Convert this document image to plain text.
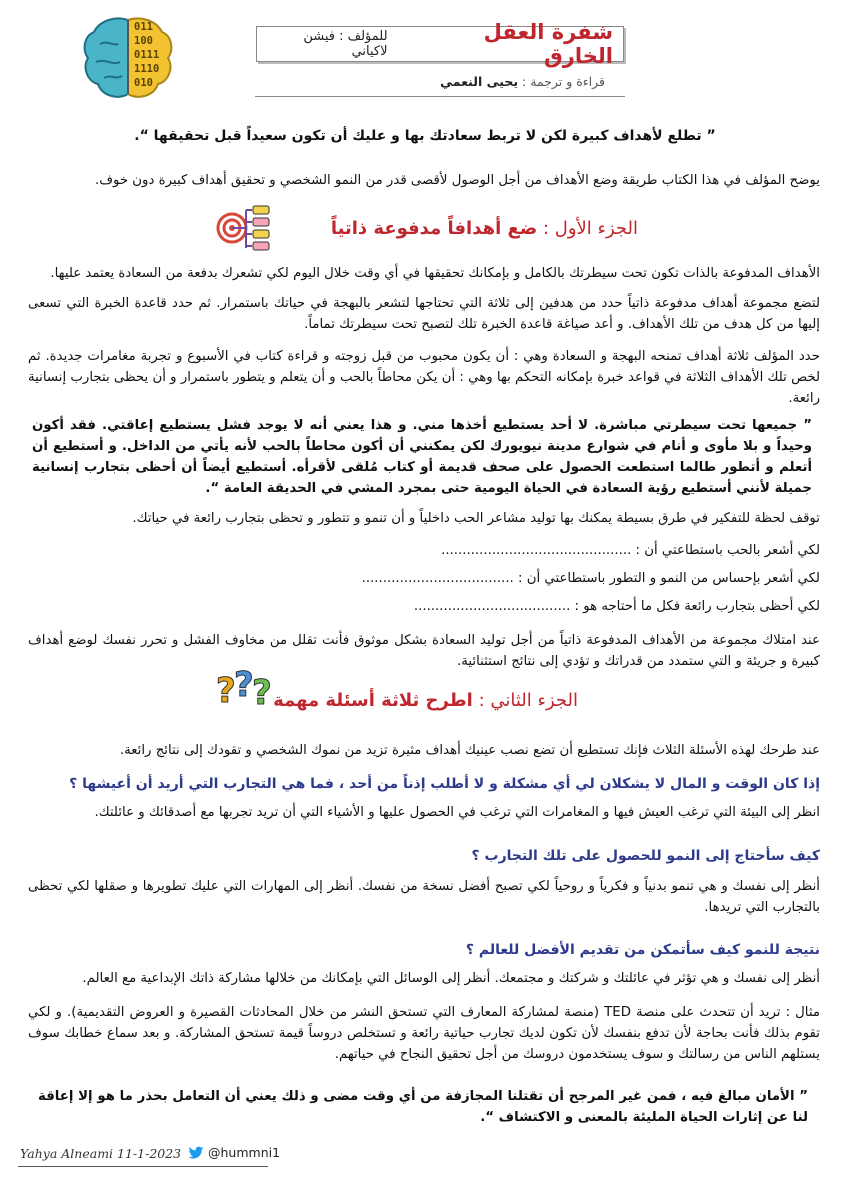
011
100
0111
1110
010
شفرة العقل الخارق
للمؤلف : فيشن لاكياني
قراءة و ترجمة : يحيى النعمي
” تطلع لأهداف كبيرة لكن لا تربط سعادتك بها و عليك أن تكون سعيداً قبل تحقيقها “.
يوضح المؤلف في هذا الكتاب طريقة وضع الأهداف من أجل الوصول لأقصى قدر من النمو الشخصي و تحقيق أهداف كبيرة دون خوف.
الجزء الأول : ضع أهدافاً مدفوعة ذاتياً
الأهداف المدفوعة بالذات تكون تحت سيطرتك بالكامل و بإمكانك تحقيقها في أي وقت خلال اليوم لكي تشعرك بدفعة من السعادة يعتمد عليها.
لتضع مجموعة أهداف مدفوعة ذاتياً حدد من هدفين إلى ثلاثة التي تحتاجها لتشعر بالبهجة في حياتك باستمرار. ثم حدد قاعدة الخبرة التي تسعى إليها من كل هدف من تلك الأهداف. و أعد صياغة قاعدة الخبرة تلك لتصبح تحت سيطرتك تماماً.
حدد المؤلف ثلاثة أهداف تمنحه البهجة و السعادة وهي : أن يكون محبوب من قبل زوجته و قراءة كتاب في الأسبوع و تجربة مغامرات جديدة. ثم لخص تلك الأهداف الثلاثة في قواعد خبرة بإمكانه التحكم بها وهي : أن يكن محاطاً بالحب و أن يتعلم و يتطور باستمرار و أن يحظى بتجارب إنسانية رائعة.
” جميعها تحت سيطرتي مباشرة. لا أحد يستطيع أخذها مني. و هذا يعني أنه لا يوجد فشل يستطيع إعاقتي. فقد أكون وحيداً و بلا مأوى و أنام في شوارع مدينة نيويورك لكن يمكنني أن أكون محاطاً بالحب لأنه يأتي من الداخل. و أستطيع أن أتعلم و أتطور طالما استطعت الحصول على صحف قديمة أو كتاب مُلقى لأقرأه. أستطيع أيضاً أن أحظى بتجارب إنسانية جميلة لأنني أستطيع رؤية السعادة في الحياة اليومية حتى بمجرد المشي في الحديقة العامة “.
توقف لحظة للتفكير في طرق بسيطة يمكنك بها توليد مشاعر الحب داخلياً و أن تنمو و تتطور و تحظى بتجارب رائعة في حياتك.
لكي أشعر بالحب باستطاعتي أن : .............................................
لكي أشعر بإحساس من النمو و التطور باستطاعتي أن : ....................................
لكي أحظى بتجارب رائعة فكل ما أحتاجه هو : .....................................
عند امتلاك مجموعة من الأهداف المدفوعة ذاتياً من أجل توليد السعادة بشكل موثوق فأنت تقلل من مخاوف الفشل و تحرر نفسك لوضع أهداف كبيرة و جريئة و التي ستمدد من قدراتك و تؤدي إلى نتائج استثنائية.
الجزء الثاني : اطرح ثلاثة أسئلة مهمة
?
?
?
عند طرحك لهذه الأسئلة الثلاث فإنك تستطيع أن تضع نصب عينيك أهداف مثيرة تزيد من نموك الشخصي و تقودك إلى نتائج رائعة.
إذا كان الوقت و المال لا يشكلان لي أي مشكلة و لا أطلب إذناً من أحد ، فما هي التجارب التي أريد أن أعيشها ؟
انظر إلى البيئة التي ترغب العيش فيها و المغامرات التي ترغب في الحصول عليها و الأشياء التي أن تريد تجربها مع أصدقائك و عائلتك.
كيف سأحتاج إلى النمو للحصول على تلك التجارب ؟
أنظر إلى نفسك و هي تنمو بدنياً و فكرياً و روحياً لكي تصبح أفضل نسخة من نفسك. أنظر إلى المهارات التي عليك تطويرها و صقلها لكي تحظى بالتجارب التي تريدها.
نتيجة للنمو كيف سأتمكن من تقديم الأفضل للعالم ؟
أنظر إلى نفسك و هي تؤثر في عائلتك و شركتك و مجتمعك. أنظر إلى الوسائل التي بإمكانك من خلالها مشاركة ذاتك الإبداعية مع العالم.
مثال : تريد أن تتحدث على منصة TED (منصة لمشاركة المعارف التي تستحق النشر من خلال المحادثات القصيرة و العروض التقديمية). و لكي تقوم بذلك فأنت بحاجة لأن تدفع بنفسك لأن تكون لديك تجارب حياتية رائعة و تستخلص دروساً قيمة تستحق المشاركة. و بعد سماع خطابك سوف يستلهم الناس من رسالتك و سوف يستخدمون دروسك من أجل تحقيق النجاح في حياتهم.
” الأمان مبالغ فيه ، فمن غير المرجح أن تقتلنا المجازفة من أي وقت مضى و ذلك يعني أن التعامل بحذر ما هو إلا إعاقة لنا عن إثارات الحياة المليئة بالمعنى و الاكتشاف “.
Yahya Alneami 11-1-2023 @hummni1
